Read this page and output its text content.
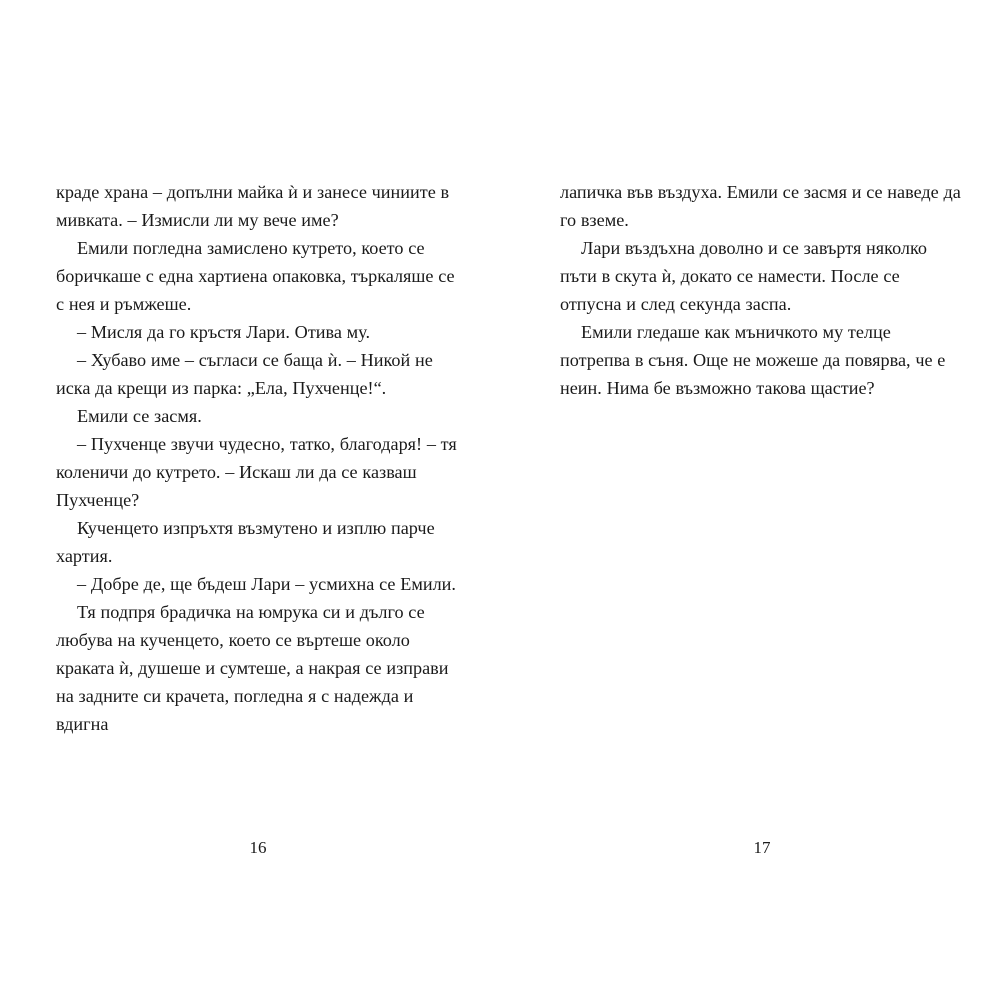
краде храна – допълни майка ѝ и занесе чиниите в мивката. – Измисли ли му вече име?

Емили погледна замислено кутрето, което се боричкаше с една хартиена опаковка, търкаляше се с нея и ръмжеше.

– Мисля да го кръстя Лари. Отива му.

– Хубаво име – съгласи се баща ѝ. – Никой не иска да крещи из парка: „Ела, Пухченце!“.

Емили се засмя.

– Пухченце звучи чудесно, татко, благодаря! – тя коленичи до кутрето. – Искаш ли да се казваш Пухченце?

Кученцето изпръхтя възмутено и изплю парче хартия.

– Добре де, ще бъдеш Лари – усмихна се Емили.

Тя подпря брадичка на юмрука си и дълго се любува на кученцето, което се въртеше около краката ѝ, душеше и сумтеше, а накрая се изправи на задните си крачета, погледна я с надежда и вдигна

16

лапичка във въздуха. Емили се засмя и се наведе да го вземе.

Лари въздъхна доволно и се завъртя няколко пъти в скута ѝ, докато се намести. После се отпусна и след секунда заспа.

Емили гледаше как мъничкото му телце потрепва в съня. Още не можеше да повярва, че е неин. Нима бе възможно такова щастие?

17
